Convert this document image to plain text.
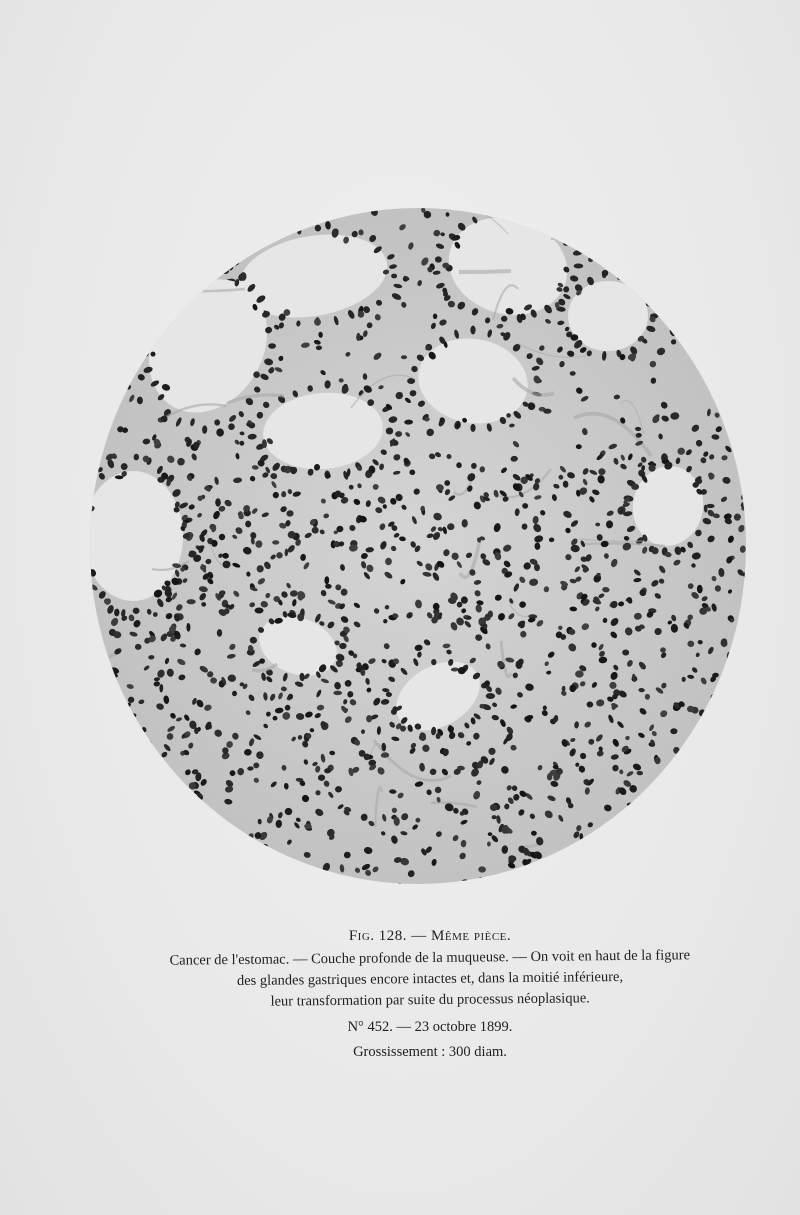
Fig. 128. — Même pièce.
Cancer de l'estomac. — Couche profonde de la muqueuse. — On voit en haut de la figure
des glandes gastriques encore intactes et, dans la moitié inférieure,
leur transformation par suite du processus néoplasique.
N° 452. — 23 octobre 1899.
Grossissement : 300 diam.
